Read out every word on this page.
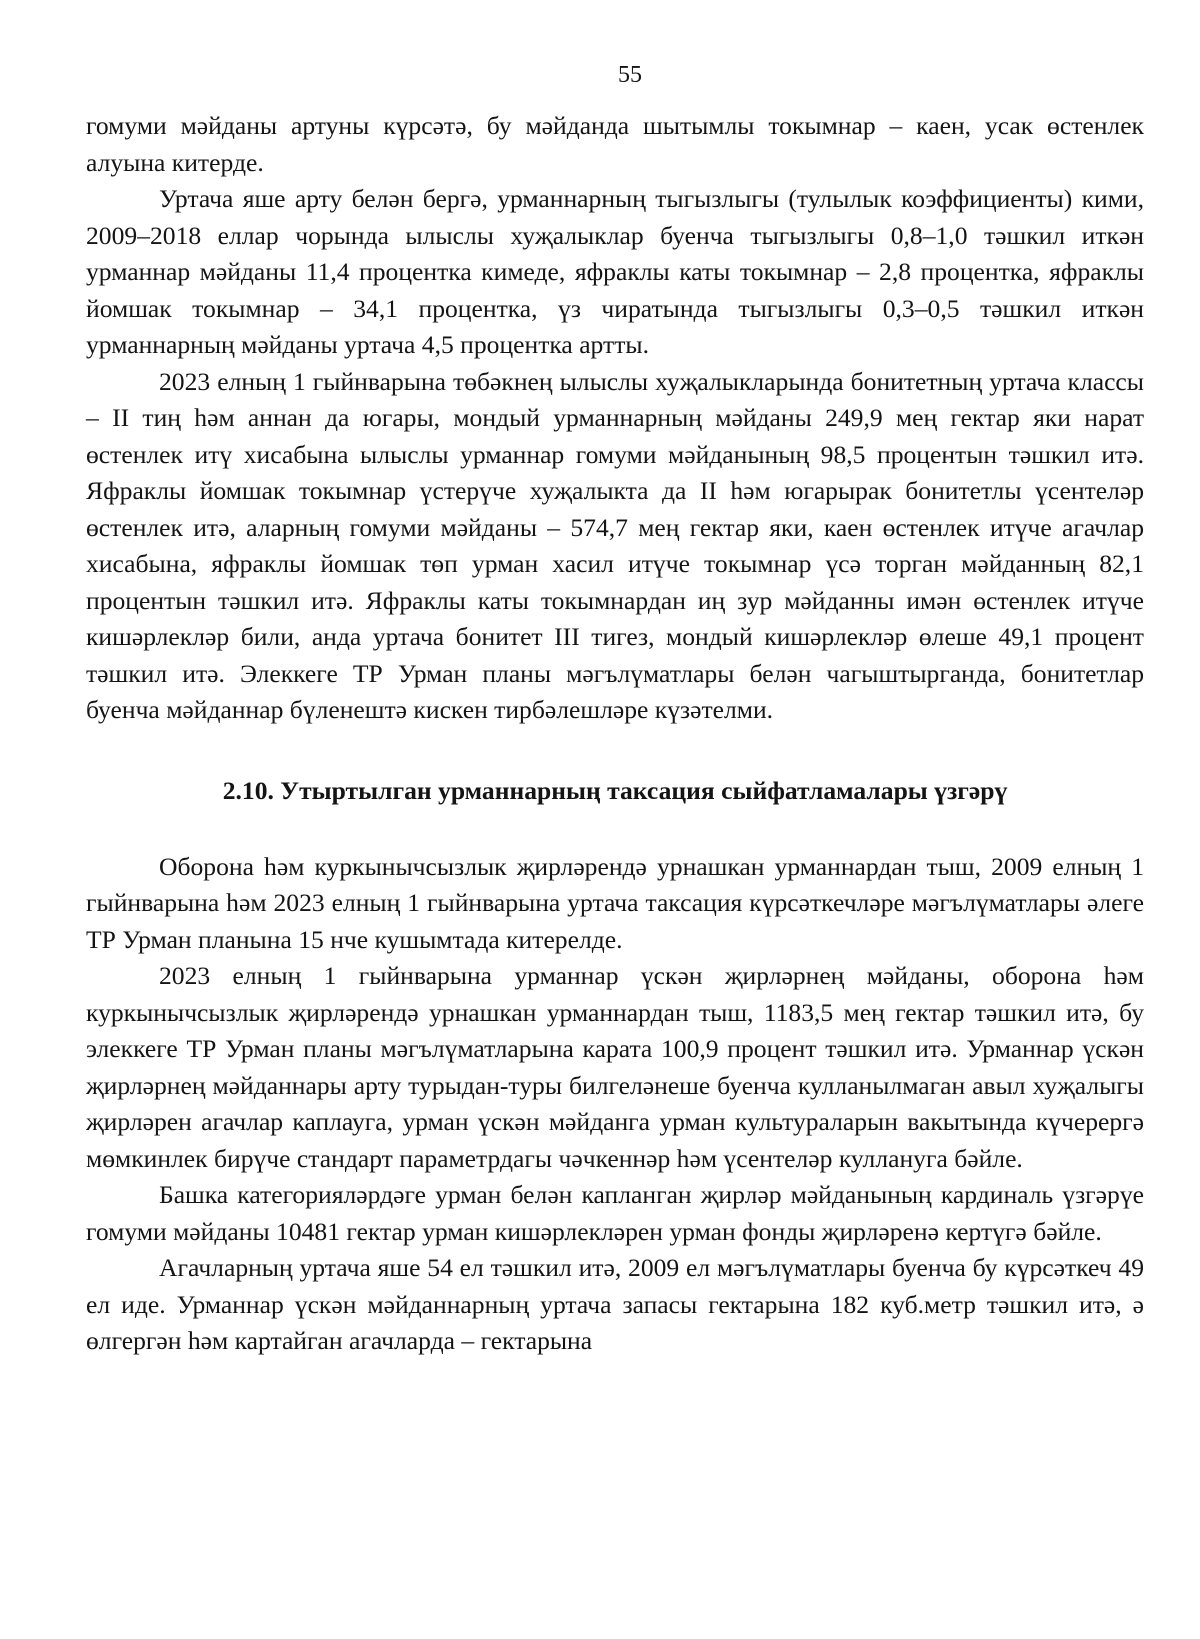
55

гомуми мәйданы артуны күрсәтә, бу мәйданда шытымлы токымнар – каен, усак өстенлек алуына китерде.

Уртача яше арту белән бергә, урманнарның тыгызлыгы (тулылык коэффициенты) кими, 2009–2018 еллар чорында ылыслы хуҗалыклар буенча тыгызлыгы 0,8–1,0 тәшкил иткән урманнар мәйданы 11,4 процентка кимеде, яфраклы каты токымнар – 2,8 процентка, яфраклы йомшак токымнар – 34,1 процентка, үз чиратында тыгызлыгы 0,3–0,5 тәшкил иткән урманнарның мәйданы уртача 4,5 процентка артты.

2023 елның 1 гыйнварына төбәкнең ылыслы хуҗалыкларында бонитетның уртача классы – II тиң һәм аннан да югары, мондый урманнарның мәйданы 249,9 мең гектар яки нарат өстенлек итү хисабына ылыслы урманнар гомуми мәйданының 98,5 процентын тәшкил итә. Яфраклы йомшак токымнар үстерүче хуҗалыкта да II һәм югарырак бонитетлы үсентеләр өстенлек итә, аларның гомуми мәйданы – 574,7 мең гектар яки, каен өстенлек итүче агачлар хисабына, яфраклы йомшак төп урман хасил итүче токымнар үсә торган мәйданның 82,1 процентын тәшкил итә. Яфраклы каты токымнардан иң зур мәйданны имән өстенлек итүче кишәрлекләр били, анда уртача бонитет III тигез, мондый кишәрлекләр өлеше 49,1 процент тәшкил итә. Элеккеге ТР Урман планы мәгълүматлары белән чагыштырганда, бонитетлар буенча мәйданнар бүленештә кискен тирбәлешләре күзәтелми.

2.10. Утыртылган урманнарның таксация сыйфатламалары үзгәрү

Оборона һәм куркынычсызлык җирләрендә урнашкан урманнардан тыш, 2009 елның 1 гыйнварына һәм 2023 елның 1 гыйнварына уртача таксация күрсәткечләре мәгълүматлары әлеге ТР Урман планына 15 нче кушымтада китерелде.

2023 елның 1 гыйнварына урманнар үскән җирләрнең мәйданы, оборона һәм куркынычсызлык җирләрендә урнашкан урманнардан тыш, 1183,5 мең гектар тәшкил итә, бу элеккеге ТР Урман планы мәгълүматларына карата 100,9 процент тәшкил итә. Урманнар үскән җирләрнең мәйданнары арту турыдан-туры билгеләнеше буенча кулланылмаган авыл хуҗалыгы җирләрен агачлар каплауга, урман үскән мәйданга урман культураларын вакытында күчерергә мөмкинлек бирүче стандарт параметрдагы чәчкеннәр һәм үсентеләр куллануга бәйле.

Башка категорияләрдәге урман белән капланган җирләр мәйданының кардиналь үзгәрүе гомуми мәйданы 10481 гектар урман кишәрлекләрен урман фонды җирләренә кертүгә бәйле.

Агачларның уртача яше 54 ел тәшкил итә, 2009 ел мәгълүматлары буенча бу күрсәткеч 49 ел иде. Урманнар үскән мәйданнарның уртача запасы гектарына 182 куб.метр тәшкил итә, ә өлгергән һәм картайган агачларда – гектарына
